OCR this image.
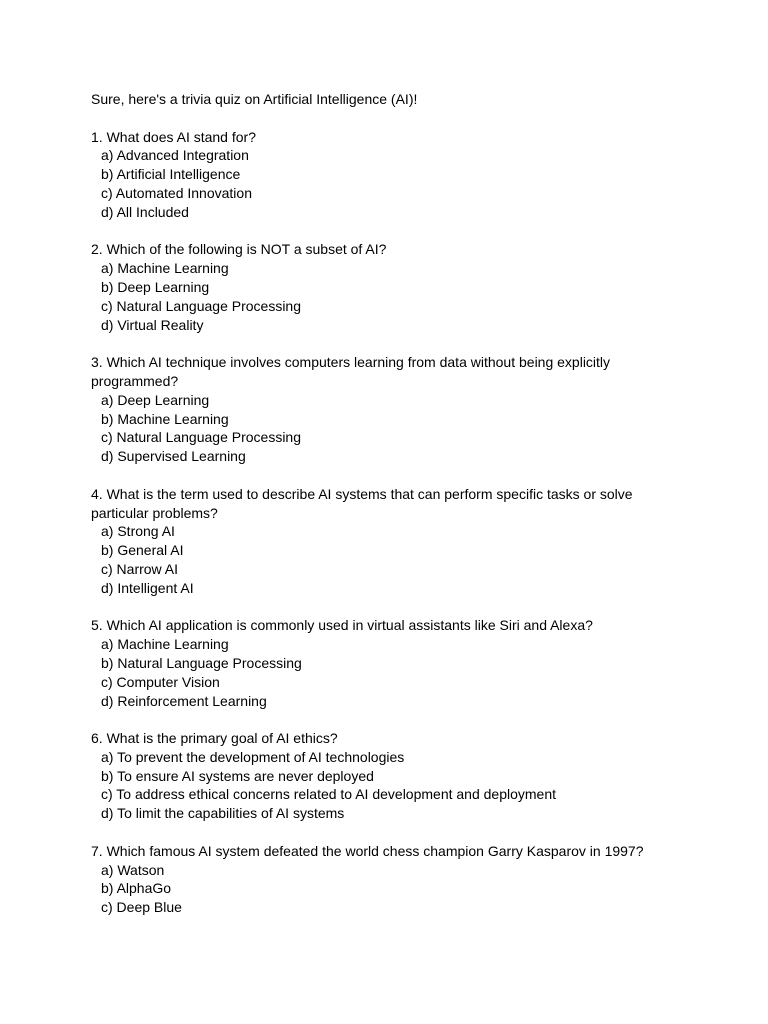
Sure, here's a trivia quiz on Artificial Intelligence (AI)!
1. What does AI stand for?
a) Advanced Integration
b) Artificial Intelligence
c) Automated Innovation
d) All Included
2. Which of the following is NOT a subset of AI?
a) Machine Learning
b) Deep Learning
c) Natural Language Processing
d) Virtual Reality
3. Which AI technique involves computers learning from data without being explicitly programmed?
a) Deep Learning
b) Machine Learning
c) Natural Language Processing
d) Supervised Learning
4. What is the term used to describe AI systems that can perform specific tasks or solve particular problems?
a) Strong AI
b) General AI
c) Narrow AI
d) Intelligent AI
5. Which AI application is commonly used in virtual assistants like Siri and Alexa?
a) Machine Learning
b) Natural Language Processing
c) Computer Vision
d) Reinforcement Learning
6. What is the primary goal of AI ethics?
a) To prevent the development of AI technologies
b) To ensure AI systems are never deployed
c) To address ethical concerns related to AI development and deployment
d) To limit the capabilities of AI systems
7. Which famous AI system defeated the world chess champion Garry Kasparov in 1997?
a) Watson
b) AlphaGo
c) Deep Blue
